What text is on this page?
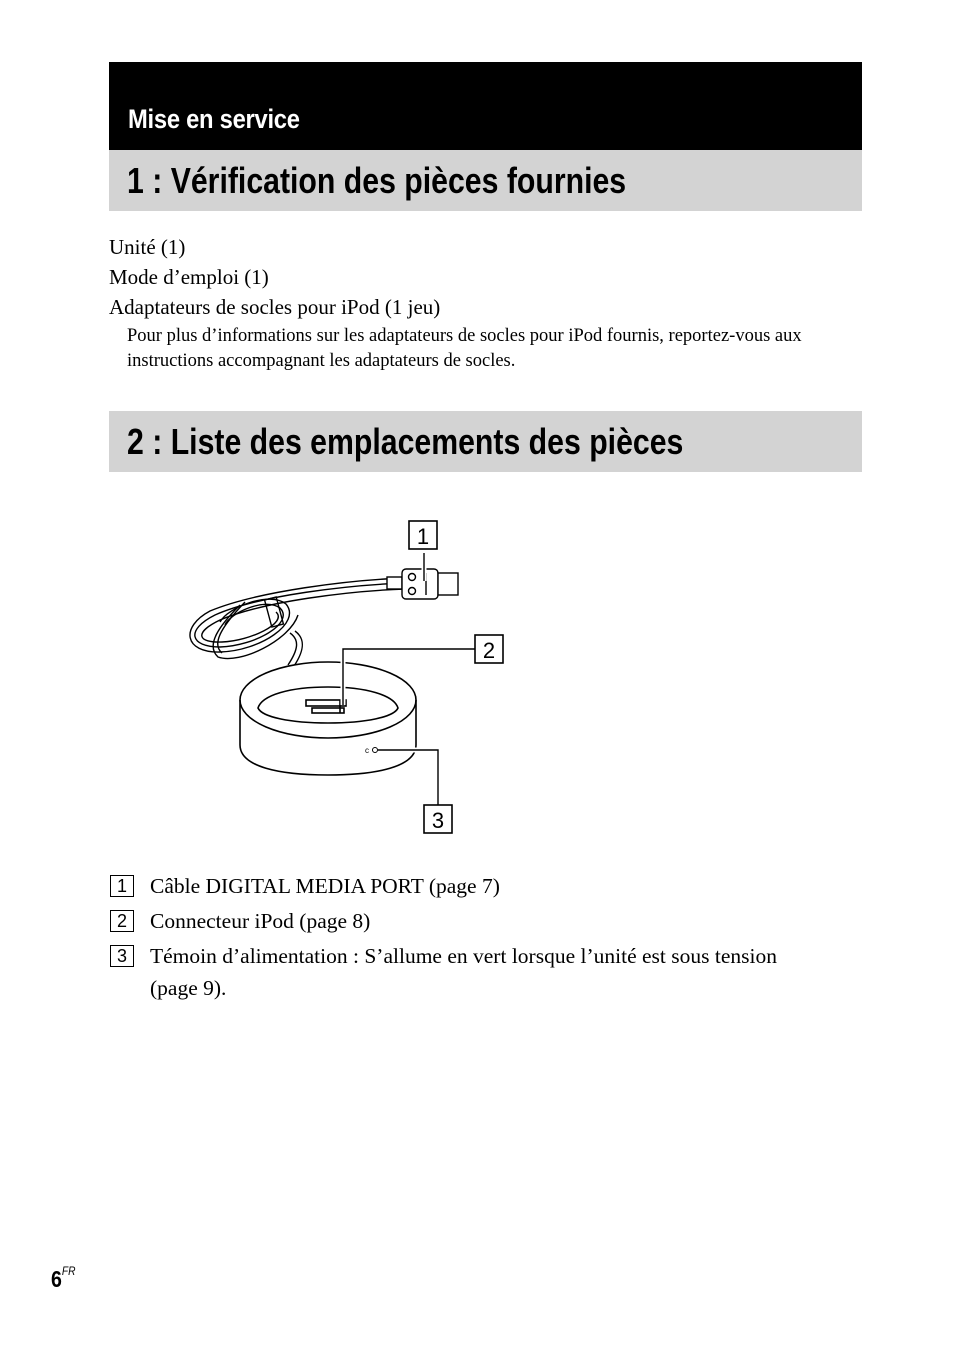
Mise en service
1 : Vérification des pièces fournies
Unité (1)
Mode d’emploi (1)
Adaptateurs de socles pour iPod (1 jeu)

Pour plus d’informations sur les adaptateurs de socles pour iPod fournis, reportez-vous aux instructions accompagnant les adaptateurs de socles.

2 : Liste des emplacements des pièces
c
1
2
3
1	Câble DIGITAL MEDIA PORT (page 7)
2	Connecteur iPod (page 8)
3	Témoin d’alimentation : S’allume en vert lorsque l’unité est sous tension (page 9).
$6^{FR}$
